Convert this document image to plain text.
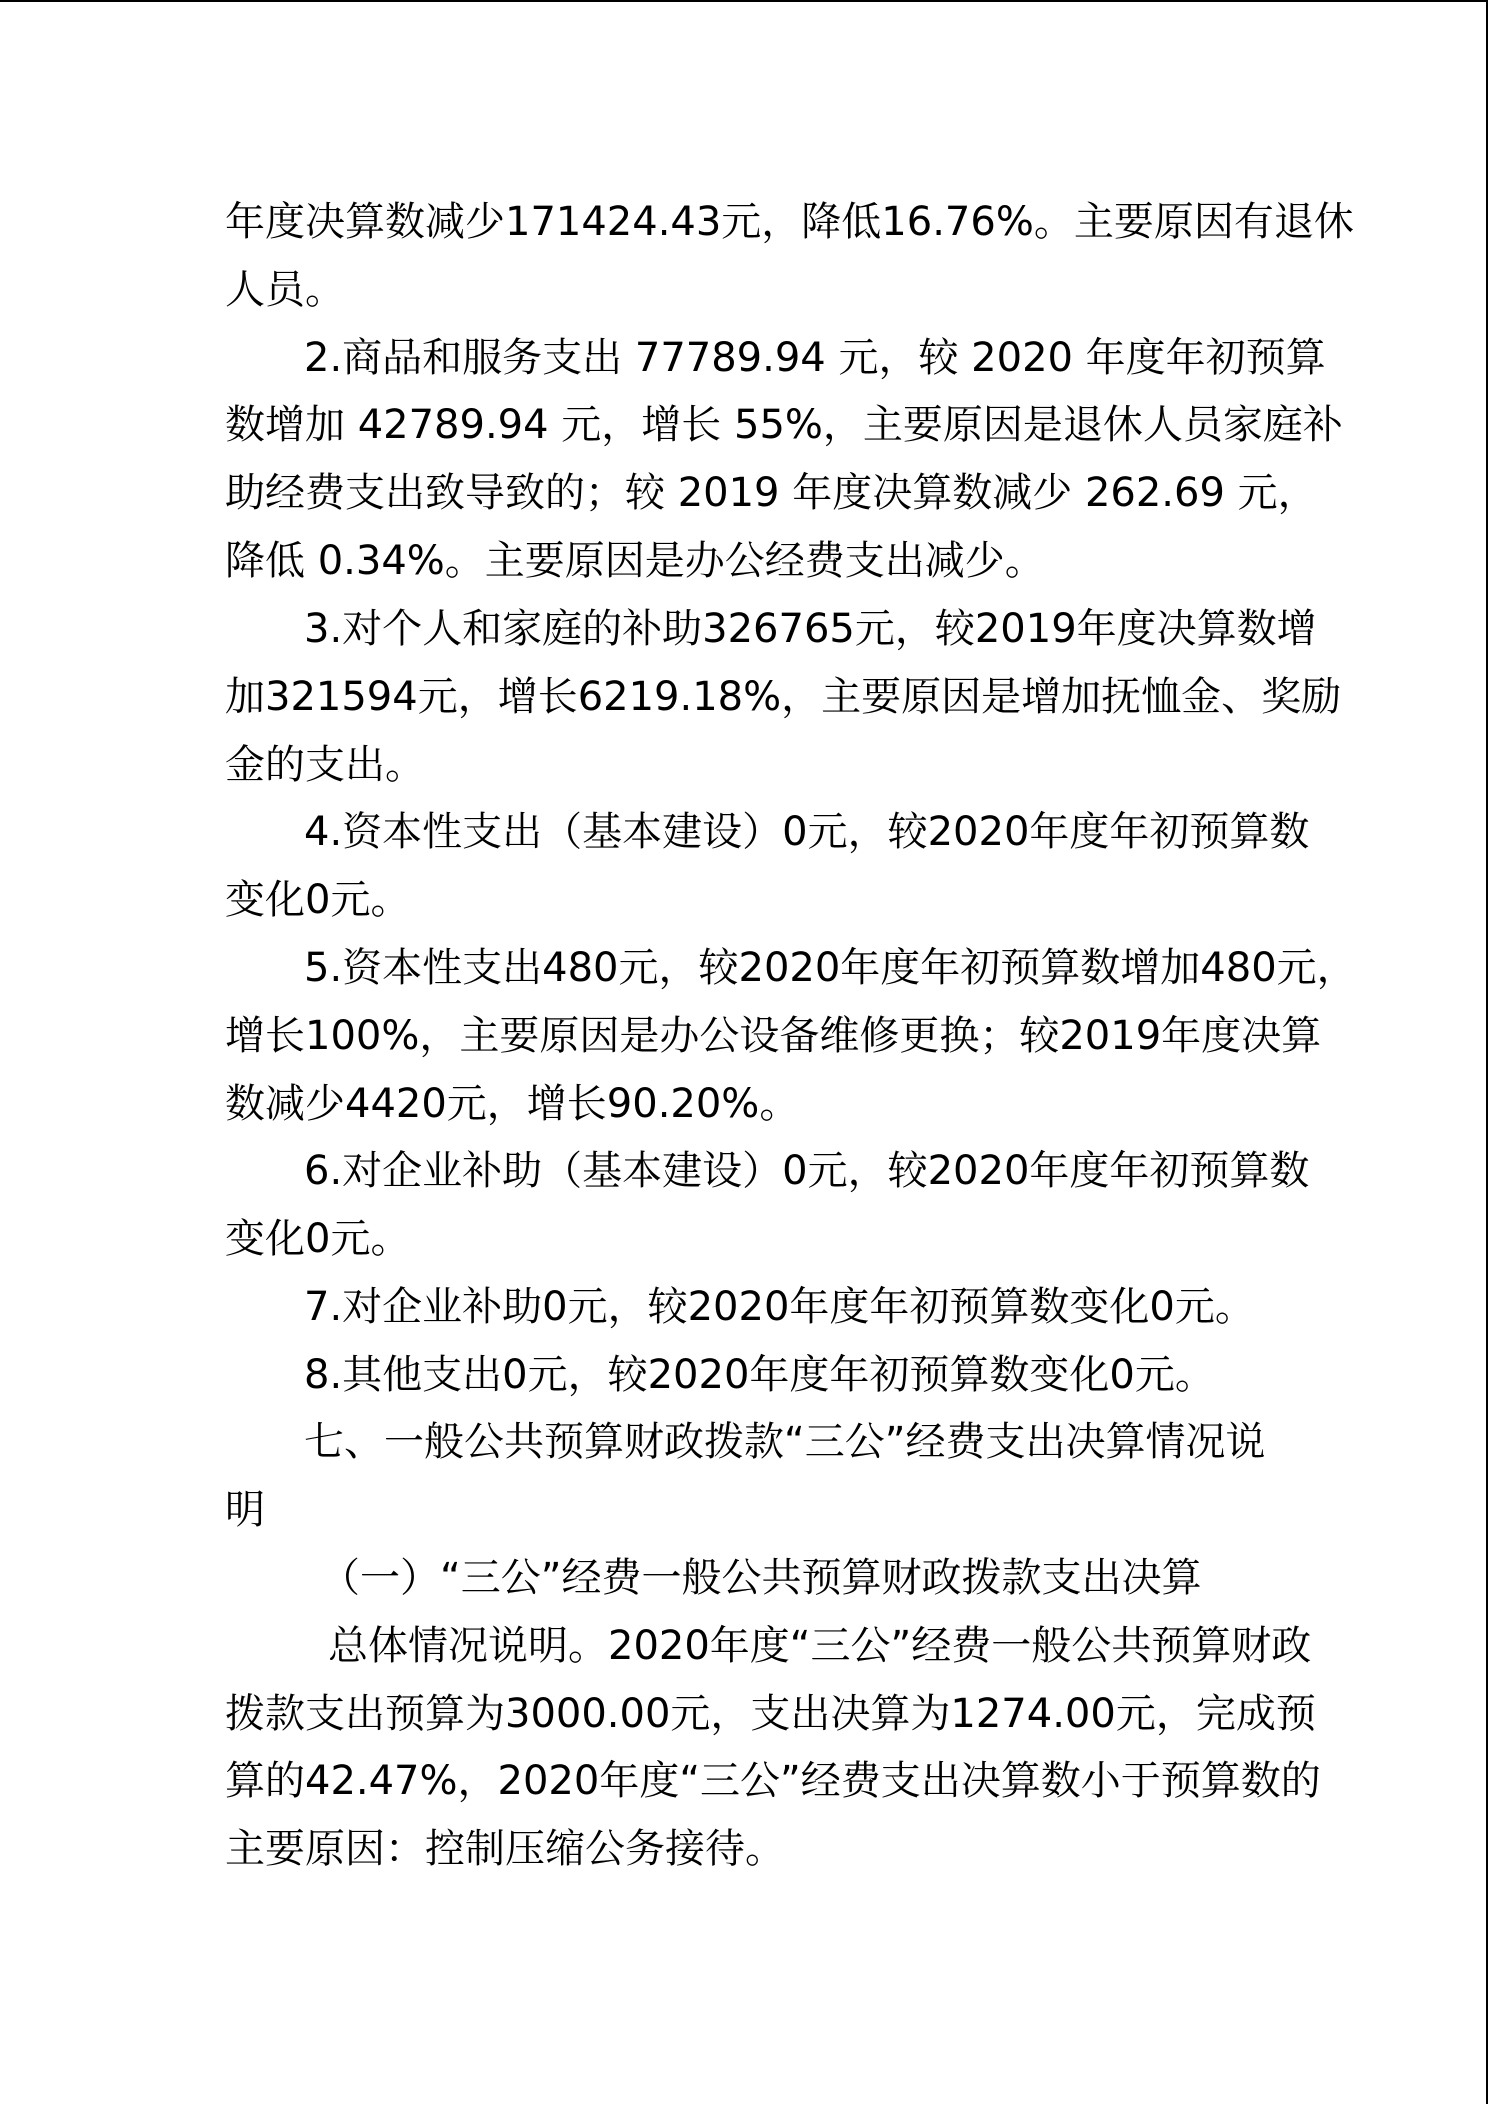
年度决算数减少171424.43元，降低16.76%。主要原因有退休
人员。
2.商品和服务支出 77789.94 元，较 2020 年度年初预算
数增加 42789.94 元，增长 55%，主要原因是退休人员家庭补
助经费支出致导致的；较 2019 年度决算数减少 262.69 元，
降低 0.34%。主要原因是办公经费支出减少。
3.对个人和家庭的补助326765元，较2019年度决算数增
加321594元，增长6219.18%，主要原因是增加抚恤金、奖励
金的支出。
4.资本性支出（基本建设）0元，较2020年度年初预算数
变化0元。
5.资本性支出480元，较2020年度年初预算数增加480元，
增长100%，主要原因是办公设备维修更换；较2019年度决算
数减少4420元，增长90.20%。
6.对企业补助（基本建设）0元，较2020年度年初预算数
变化0元。
7.对企业补助0元，较2020年度年初预算数变化0元。
8.其他支出0元，较2020年度年初预算数变化0元。
七、一般公共预算财政拨款“三公”经费支出决算情况说
明
（一）“三公”经费一般公共预算财政拨款支出决算
总体情况说明。2020年度“三公”经费一般公共预算财政
拨款支出预算为3000.00元，支出决算为1274.00元，完成预
算的42.47%，2020年度“三公”经费支出决算数小于预算数的
主要原因：控制压缩公务接待。
